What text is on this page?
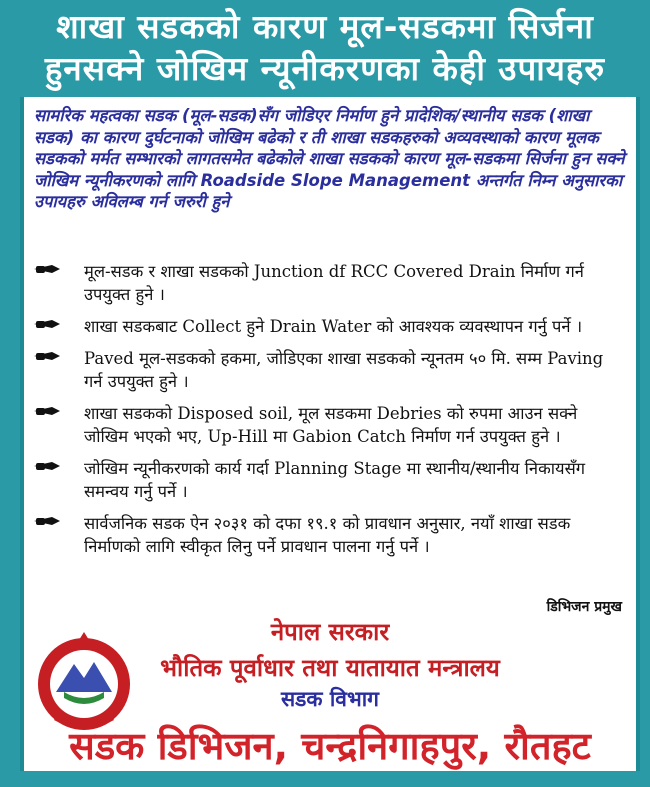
शाखा सडकको कारण मूल-सडकमा सिर्जना
हुनसक्ने जोखिम न्यूनीकरणका केही उपायहरु
सामरिक महत्वका सडक (मूल-सडक)सँग जोडिएर निर्माण हुने प्रादेशिक/स्थानीय सडक (शाखा सडक) का कारण दुर्घटनाको जोखिम बढेको र ती शाखा सडकहरुको अव्यवस्थाको कारण मूलक सडकको मर्मत सम्भारको लागतसमेत बढेकोले शाखा सडकको कारण मूल-सडकमा सिर्जना हुन सक्ने जोखिम न्यूनीकरणको लागि Roadside Slope Management अन्तर्गत निम्न अनुसारका उपायहरु अविलम्ब गर्न जरुरी हुने
मूल-सडक र शाखा सडकको Junction df RCC Covered Drain निर्माण गर्न उपयुक्त हुने ।
शाखा सडकबाट Collect हुने Drain Water को आवश्यक व्यवस्थापन गर्नु पर्ने ।
Paved मूल-सडकको हकमा, जोडिएका शाखा सडकको न्यूनतम ५० मि. सम्म Paving गर्न उपयुक्त हुने ।
शाखा सडकको Disposed soil, मूल सडकमा Debries को रुपमा आउन सक्ने जोखिम भएको भए, Up-Hill मा Gabion Catch निर्माण गर्न उपयुक्त हुने ।
जोखिम न्यूनीकरणको कार्य गर्दा Planning Stage मा स्थानीय/स्थानीय निकायसँग समन्वय गर्नु पर्ने ।
सार्वजनिक सडक ऐन २०३१ को दफा १९.१ को प्रावधान अनुसार, नयाँ शाखा सडक निर्माणको लागि स्वीकृत लिनु पर्ने प्रावधान पालना गर्नु पर्ने ।
डिभिजन प्रमुख
नेपाल सरकार
भौतिक पूर्वाधार तथा यातायात मन्त्रालय
सडक विभाग
सडक डिभिजन, चन्द्रनिगाहपुर, रौतहट
